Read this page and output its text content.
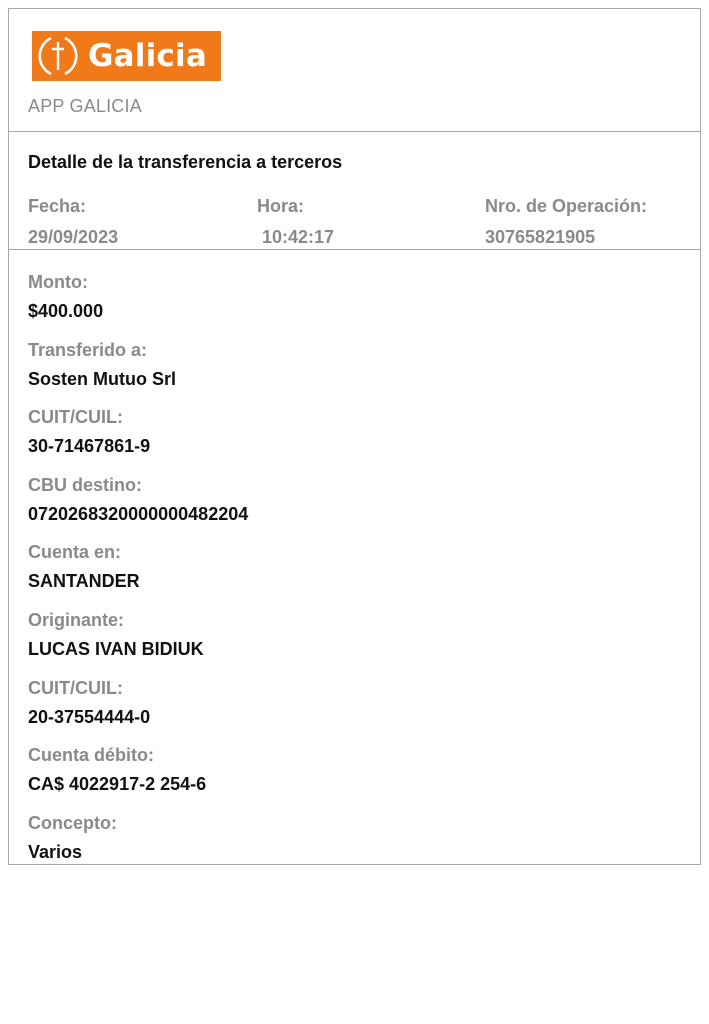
Galicia
APP GALICIA
Detalle de la transferencia a terceros
Fecha:
29/09/2023
Hora:
10:42:17
Nro. de Operación:
30765821905
Monto:
$400.000
Transferido a:
Sosten Mutuo Srl
CUIT/CUIL:
30-71467861-9
CBU destino:
0720268320000000482204
Cuenta en:
SANTANDER
Originante:
LUCAS IVAN BIDIUK
CUIT/CUIL:
20-37554444-0
Cuenta débito:
CA$ 4022917-2 254-6
Concepto:
Varios
